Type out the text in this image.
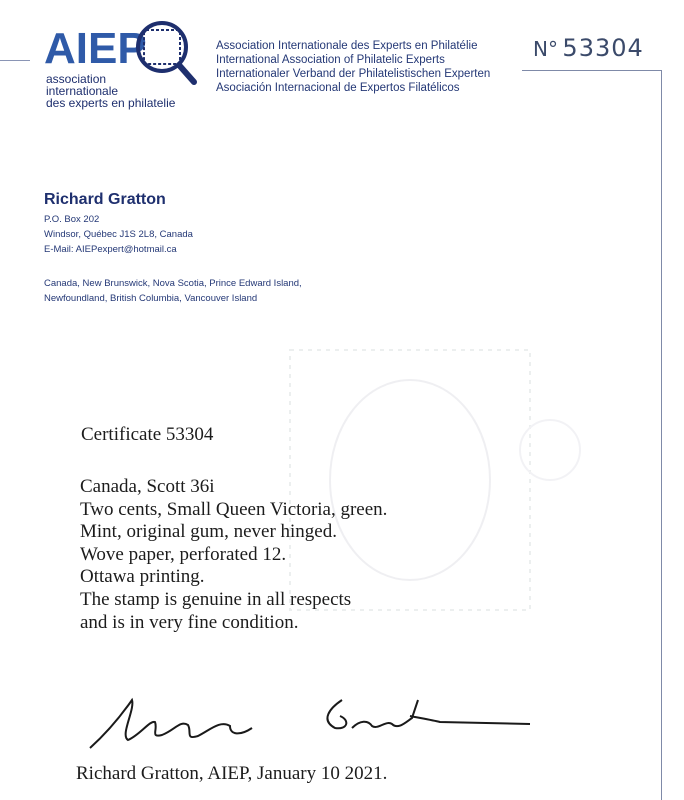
AIEP
association
internationale
des experts en philatelie
Association Internationale des Experts en Philatélie
International Association of Philatelic Experts
Internationaler Verband der Philatelistischen Experten
Asociación Internacional de Expertos Filatélicos
N° 53304
Richard Gratton
P.O. Box 202
Windsor, Québec J1S 2L8, Canada
E-Mail: AIEPexpert@hotmail.ca
Canada, New Brunswick, Nova Scotia, Prince Edward Island,
Newfoundland, British Columbia, Vancouver Island
Certificate 53304
Canada, Scott 36i
Two cents, Small Queen Victoria, green.
Mint, original gum, never hinged.
Wove paper, perforated 12.
Ottawa printing.
The stamp is genuine in all respects
and is in very fine condition.
Richard Gratton, AIEP, January 10 2021.
